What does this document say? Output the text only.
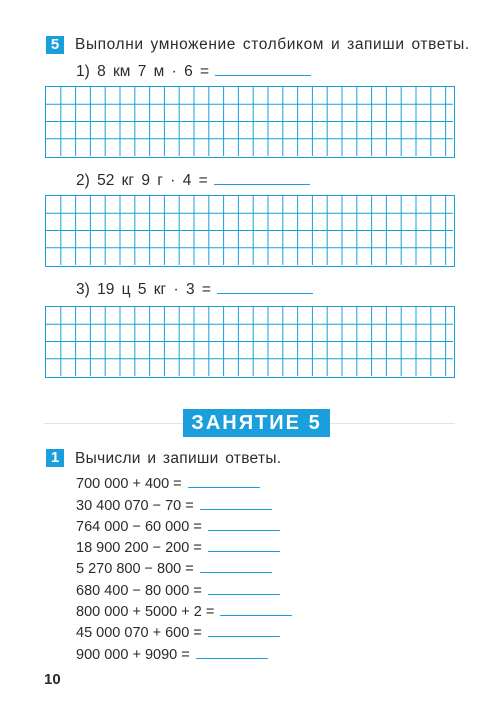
5	Выполни умножение столбиком и запиши ответы.
1) 8 км 7 м · 6 =
2) 52 кг 9 г · 4 =
3) 19 ц 5 кг · 3 =
ЗАНЯТИЕ 5
1	Вычисли и запиши ответы.
700 000 + 400 =
30 400 070 − 70 =
764 000 − 60 000 =
18 900 200 − 200 =
5 270 800 − 800 =
680 400 − 80 000 =
800 000 + 5000 + 2 =
45 000 070 + 600 =
900 000 + 9090 =
10
